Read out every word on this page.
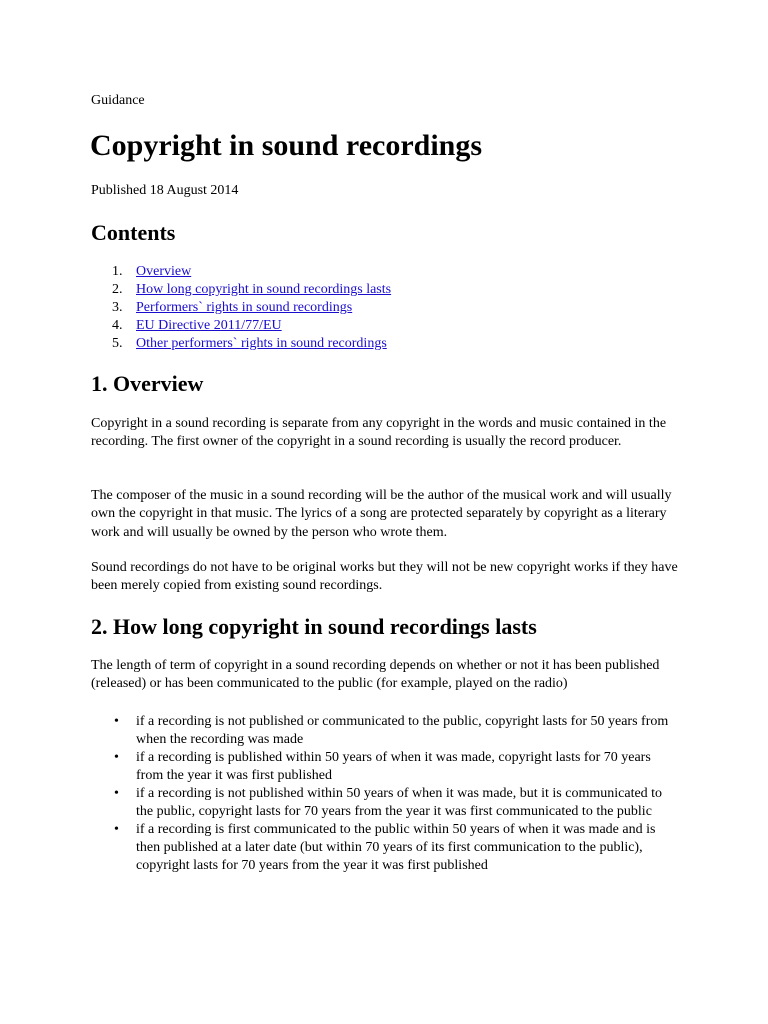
Guidance
Copyright in sound recordings
Published 18 August 2014
Contents
1. Overview
2. How long copyright in sound recordings lasts
3. Performers` rights in sound recordings
4. EU Directive 2011/77/EU
5. Other performers` rights in sound recordings
1. Overview

Copyright in a sound recording is separate from any copyright in the words and music contained in the recording. The first owner of the copyright in a sound recording is usually the record producer.

The composer of the music in a sound recording will be the author of the musical work and will usually own the copyright in that music. The lyrics of a song are protected separately by copyright as a literary work and will usually be owned by the person who wrote them.

Sound recordings do not have to be original works but they will not be new copyright works if they have been merely copied from existing sound recordings.

2. How long copyright in sound recordings lasts

The length of term of copyright in a sound recording depends on whether or not it has been published (released) or has been communicated to the public (for example, played on the radio)

• if a recording is not published or communicated to the public, copyright lasts for 50 years from when the recording was made
• if a recording is published within 50 years of when it was made, copyright lasts for 70 years from the year it was first published
• if a recording is not published within 50 years of when it was made, but it is communicated to the public, copyright lasts for 70 years from the year it was first communicated to the public
• if a recording is first communicated to the public within 50 years of when it was made and is then published at a later date (but within 70 years of its first communication to the public), copyright lasts for 70 years from the year it was first published
